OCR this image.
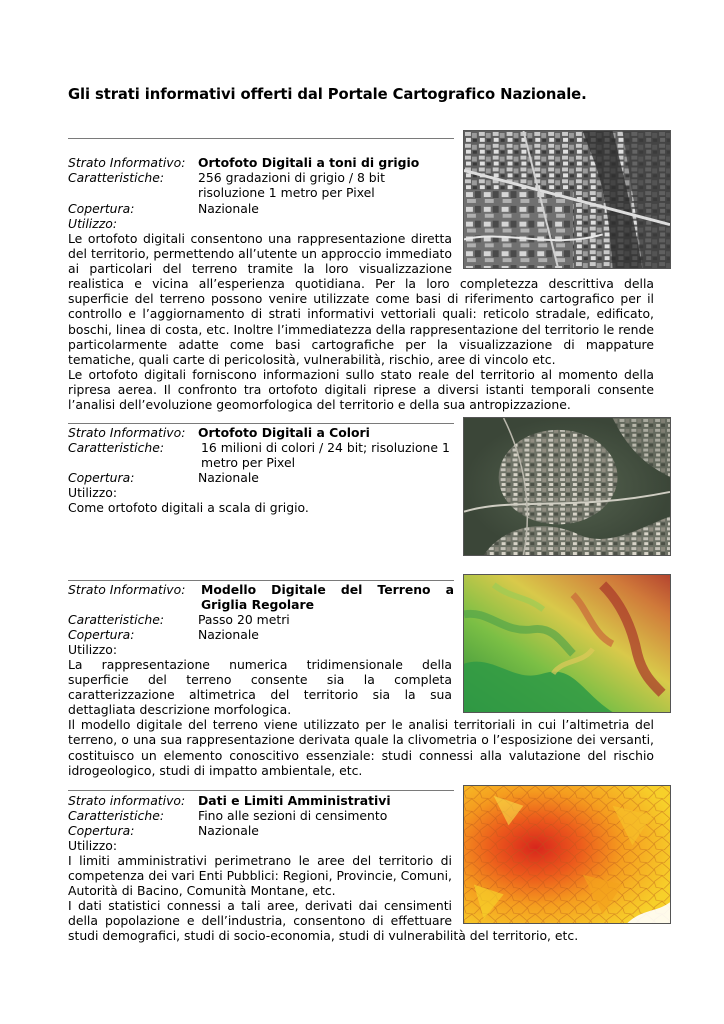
Gli strati informativi offerti dal Portale Cartografico Nazionale.
Strato Informativo:	Ortofoto Digitali a toni di grigio
Caratteristiche:	256 gradazioni di grigio / 8 bit
risoluzione 1 metro per Pixel
Copertura:	Nazionale
Utilizzo:

Le ortofoto digitali consentono una rappresentazione diretta del territorio, permettendo all’utente un approccio immediato ai particolari del terreno tramite la loro visualizzazione

realistica e vicina all’esperienza quotidiana. Per la loro completezza descrittiva della superficie del terreno possono venire utilizzate come basi di riferimento cartografico per il controllo e l’aggiornamento di strati informativi vettoriali quali: reticolo stradale, edificato, boschi, linea di costa, etc. Inoltre l’immediatezza della rappresentazione del territorio le rende particolarmente adatte come basi cartografiche per la visualizzazione di mappature tematiche, quali carte di pericolosità, vulnerabilità, rischio, aree di vincolo etc.

Le ortofoto digitali forniscono informazioni sullo stato reale del territorio al momento della ripresa aerea. Il confronto tra ortofoto digitali riprese a diversi istanti temporali consente l’analisi dell’evoluzione geomorfologica del territorio e della sua antropizzazione.

Strato Informativo:	Ortofoto Digitali a Colori
Caratteristiche:	16 milioni di colori / 24 bit; risoluzione 1 metro per Pixel
Copertura:	Nazionale
Utilizzo:

Come ortofoto digitali a scala di grigio.

Strato Informativo:	Modello Digitale del Terreno a Griglia Regolare
Caratteristiche:	Passo 20 metri
Copertura:	Nazionale
Utilizzo:

La rappresentazione numerica tridimensionale della superficie del terreno consente sia la completa caratterizzazione altimetrica del territorio sia la sua dettagliata descrizione morfologica.

Il modello digitale del terreno viene utilizzato per le analisi territoriali in cui l’altimetria del terreno, o una sua rappresentazione derivata quale la clivometria o l’esposizione dei versanti, costituisco un elemento conoscitivo essenziale: studi connessi alla valutazione del rischio idrogeologico, studi di impatto ambientale, etc.

Strato informativo:	Dati e Limiti Amministrativi
Caratteristiche:	Fino alle sezioni di censimento
Copertura:	Nazionale
Utilizzo:

I limiti amministrativi perimetrano le aree del territorio di competenza dei vari Enti Pubblici: Regioni, Provincie, Comuni, Autorità di Bacino, Comunità Montane, etc.

I dati statistici connessi a tali aree, derivati dai censimenti della popolazione e dell’industria, consentono di effettuare

studi demografici, studi di socio-economia, studi di vulnerabilità del territorio, etc.
